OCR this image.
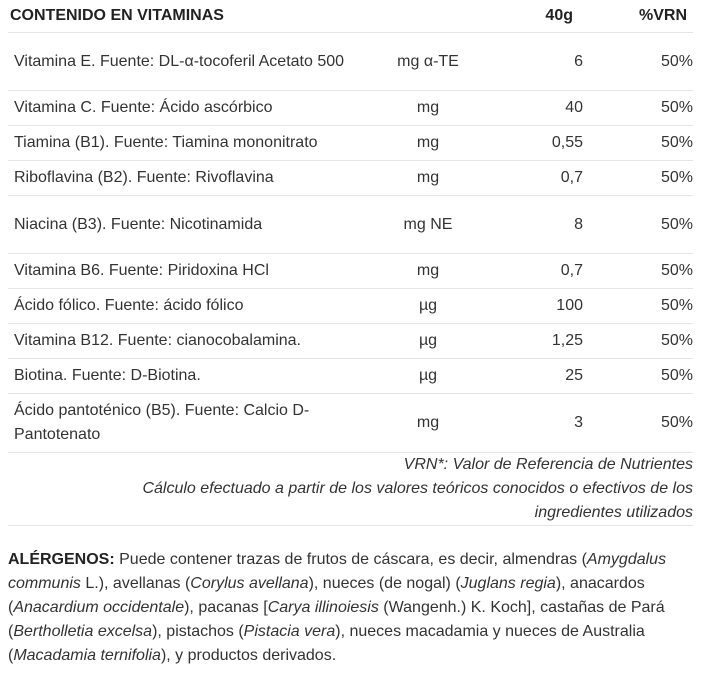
CONTENIDO EN VITAMINAS		40g	%VRN
Vitamina E. Fuente: DL-α-tocoferil Acetato 500	mg α-TE	6	50%
Vitamina C. Fuente: Ácido ascórbico	mg	40	50%
Tiamina (B1). Fuente: Tiamina mononitrato	mg	0,55	50%
Riboflavina (B2). Fuente: Rivoflavina	mg	0,7	50%
Niacina (B3). Fuente: Nicotinamida	mg NE	8	50%
Vitamina B6. Fuente: Piridoxina HCl	mg	0,7	50%
Ácido fólico. Fuente: ácido fólico	µg	100	50%
Vitamina B12. Fuente: cianocobalamina.	µg	1,25	50%
Biotina. Fuente: D-Biotina.	µg	25	50%
Ácido pantoténico (B5). Fuente: Calcio D-Pantotenato	mg	3	50%

VRN*: Valor de Referencia de Nutrientes
Cálculo efectuado a partir de los valores teóricos conocidos o efectivos de los ingredientes utilizados			

ALÉRGENOS: Puede contener trazas de frutos de cáscara, es decir, almendras (Amygdalus communis L.), avellanas (Corylus avellana), nueces (de nogal) (Juglans regia), anacardos (Anacardium occidentale), pacanas [Carya illinoiesis (Wangenh.) K. Koch], castañas de Pará (Bertholletia excelsa), pistachos (Pistacia vera), nueces macadamia y nueces de Australia (Macadamia ternifolia), y productos derivados.
